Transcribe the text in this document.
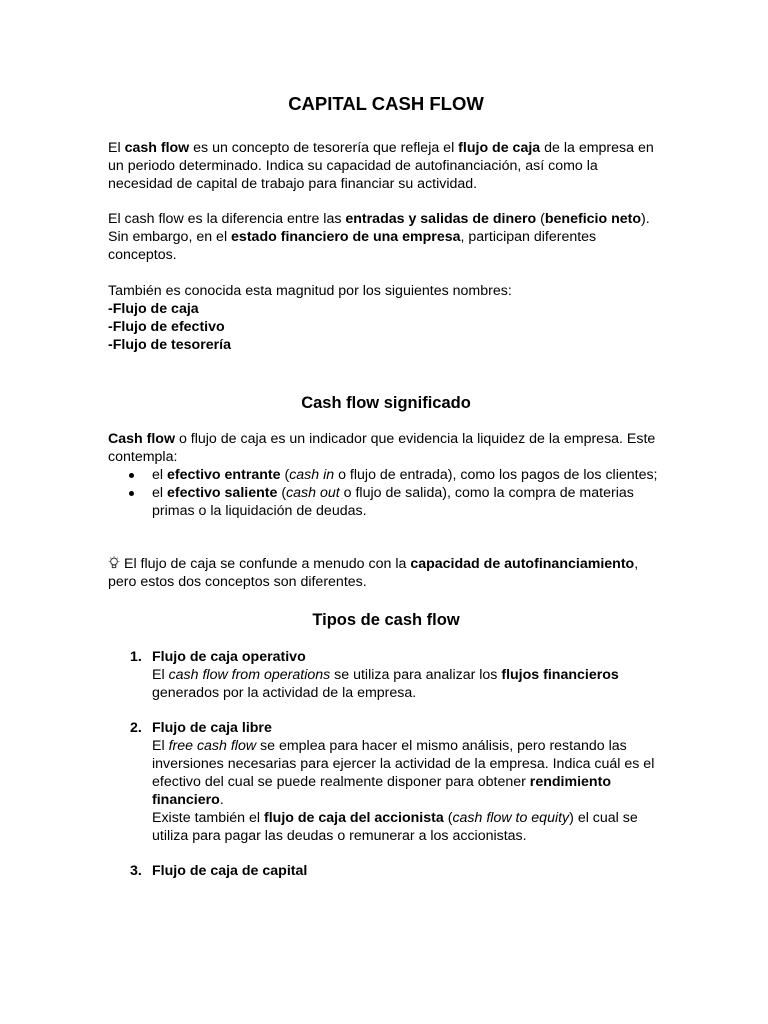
CAPITAL CASH FLOW

El cash flow es un concepto de tesorería que refleja el flujo de caja de la empresa en un periodo determinado. Indica su capacidad de autofinanciación, así como la necesidad de capital de trabajo para financiar su actividad.

El cash flow es la diferencia entre las entradas y salidas de dinero (beneficio neto). Sin embargo, en el estado financiero de una empresa, participan diferentes conceptos.

También es conocida esta magnitud por los siguientes nombres:

-Flujo de caja

-Flujo de efectivo

-Flujo de tesorería

Cash flow significado

Cash flow o flujo de caja es un indicador que evidencia la liquidez de la empresa. Este contempla:

el efectivo entrante (cash in o flujo de entrada), como los pagos de los clientes;
el efectivo saliente (cash out o flujo de salida), como la compra de materias primas o la liquidación de deudas.

El flujo de caja se confunde a menudo con la capacidad de autofinanciamiento, pero estos dos conceptos son diferentes.

Tipos de cash flow
1. Flujo de caja operativo

El cash flow from operations se utiliza para analizar los flujos financieros generados por la actividad de la empresa.

2. Flujo de caja libre

El free cash flow se emplea para hacer el mismo análisis, pero restando las inversiones necesarias para ejercer la actividad de la empresa. Indica cuál es el efectivo del cual se puede realmente disponer para obtener rendimiento financiero.

Existe también el flujo de caja del accionista (cash flow to equity) el cual se utiliza para pagar las deudas o remunerar a los accionistas.

3. Flujo de caja de capital
